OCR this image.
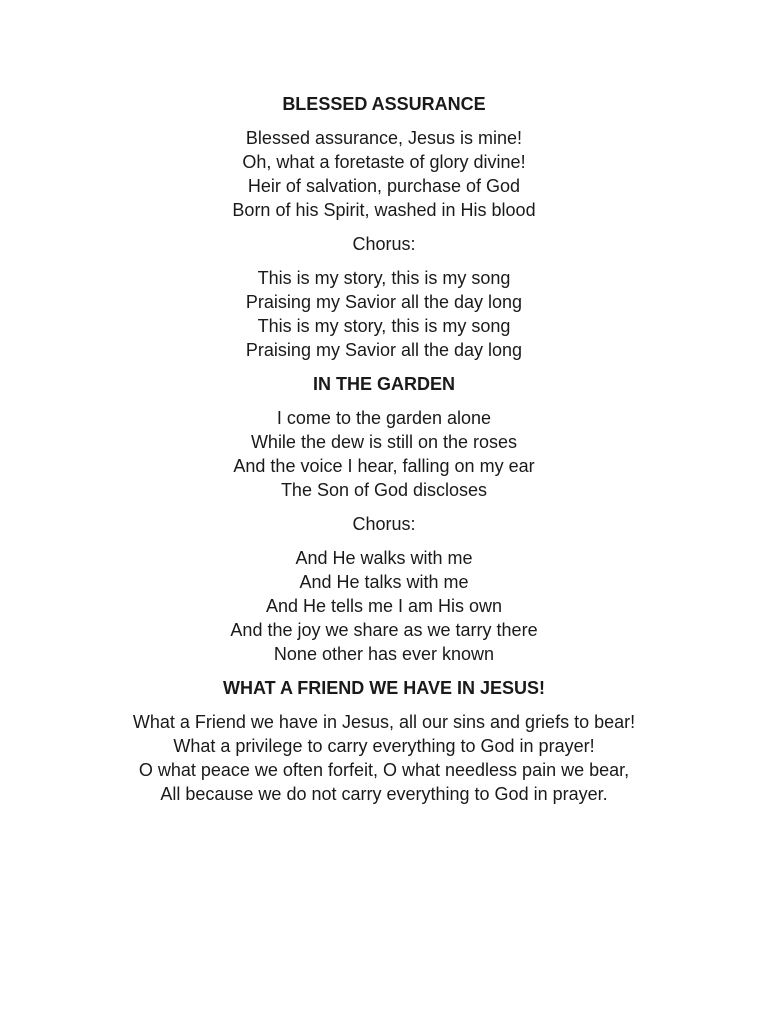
BLESSED ASSURANCE
Blessed assurance, Jesus is mine!
Oh, what a foretaste of glory divine!
Heir of salvation, purchase of God
Born of his Spirit, washed in His blood
Chorus:
This is my story, this is my song
Praising my Savior all the day long
This is my story, this is my song
Praising my Savior all the day long
IN THE GARDEN
I come to the garden alone
While the dew is still on the roses
And the voice I hear, falling on my ear
The Son of God discloses
Chorus:
And He walks with me
And He talks with me
And He tells me I am His own
And the joy we share as we tarry there
None other has ever known
WHAT A FRIEND WE HAVE IN JESUS!
What a Friend we have in Jesus, all our sins and griefs to bear!
What a privilege to carry everything to God in prayer!
O what peace we often forfeit, O what needless pain we bear,
All because we do not carry everything to God in prayer.
